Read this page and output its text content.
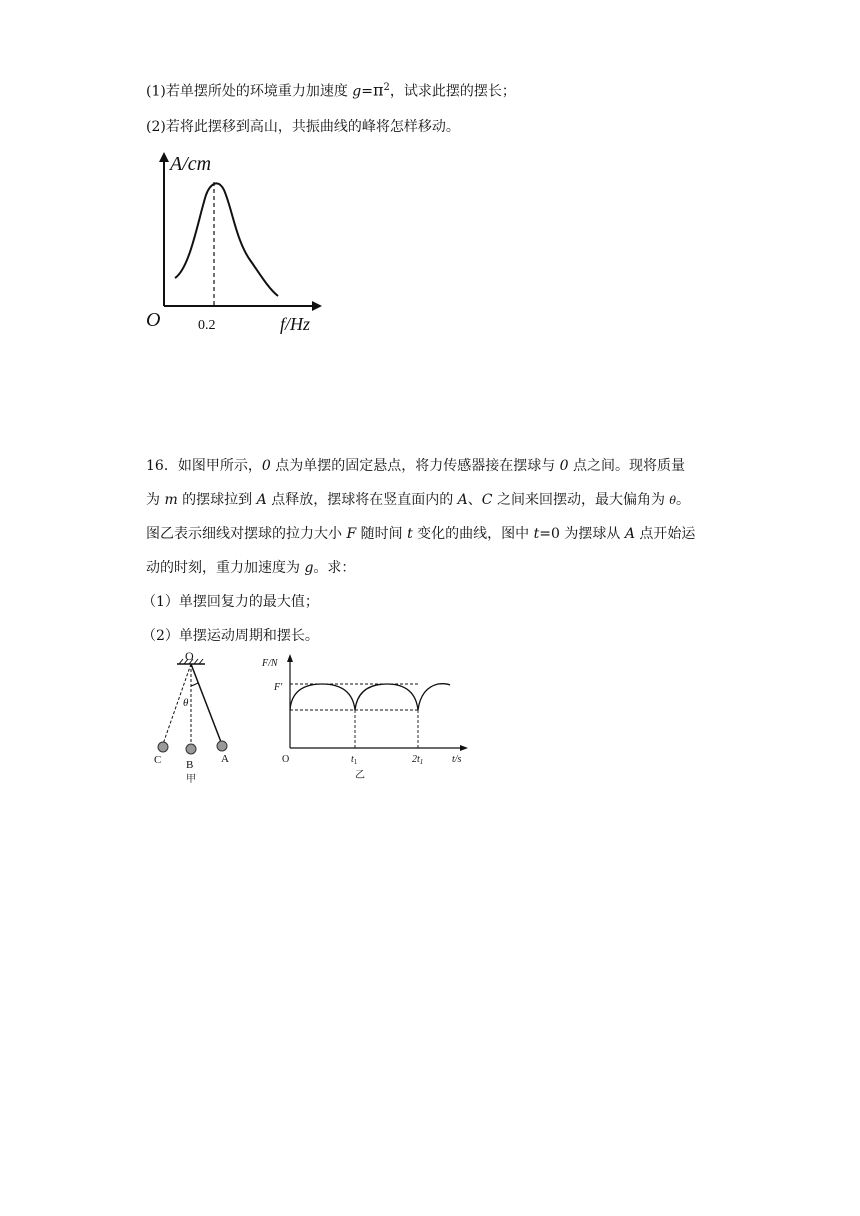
(1)若单摆所处的环境重力加速度 $g=\pi^2$，试求此摆的摆长；
(2)若将此摆移到高山，共振曲线的峰将怎样移动。
A/cm
O	f/Hz
0.2
16．如图甲所示，0 点为单摆的固定悬点，将力传感器接在摆球与 0 点之间。现将质量
为 m 的摆球拉到 A 点释放，摆球将在竖直面内的 A、C 之间来回摆动，最大偏角为 θ。
图乙表示细线对摆球的拉力大小 F 随时间 t 变化的曲线，图中 t=0 为摆球从 A 点开始运
动的时刻，重力加速度为 g。求：
（1）单摆回复力的最大值；
（2）单摆运动周期和摆长。
O
θ
C B	A
甲
F/N
F'
O	$t_1$	$2t_1$	t/s
乙
